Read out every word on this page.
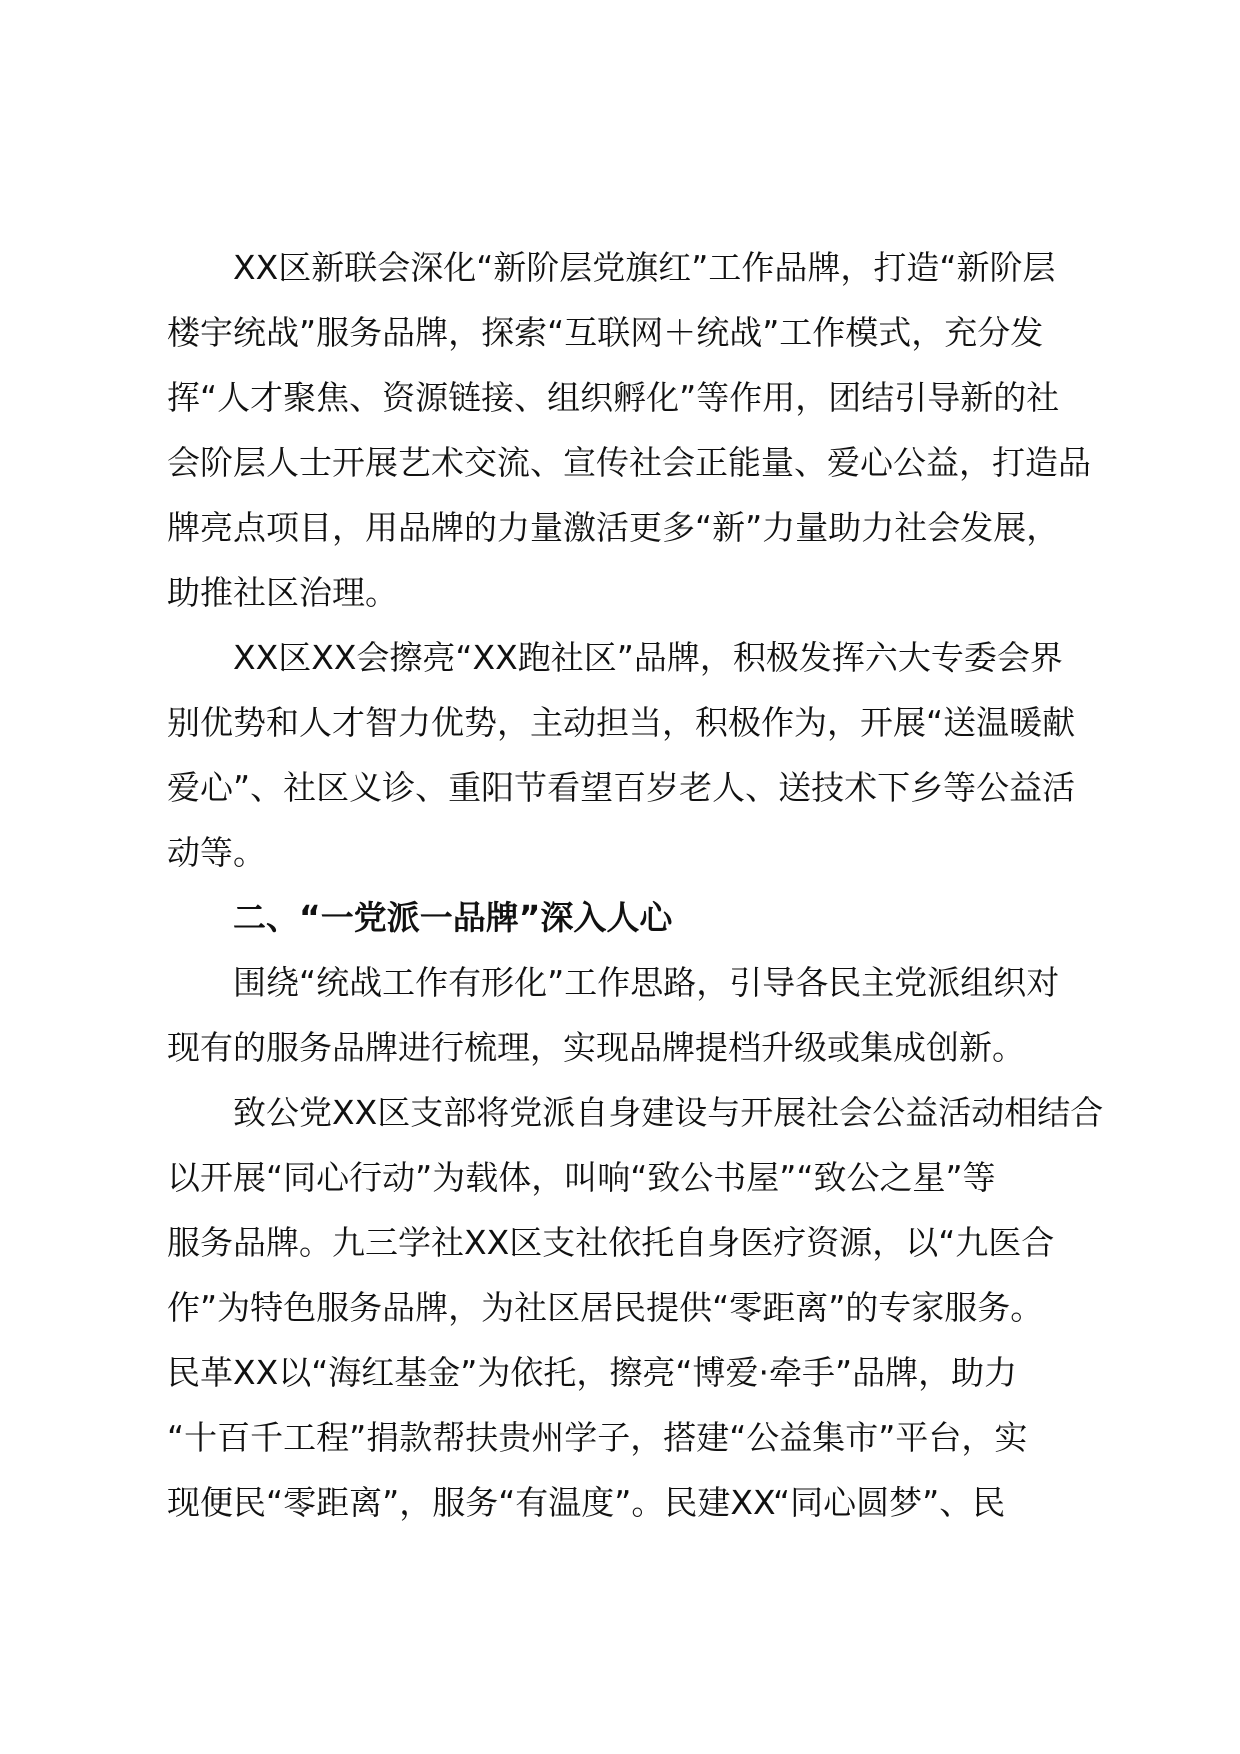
XX区新联会深化“新阶层党旗红”工作品牌，打造“新阶层
楼宇统战”服务品牌，探索“互联网＋统战”工作模式，充分发
挥“人才聚焦、资源链接、组织孵化”等作用，团结引导新的社
会阶层人士开展艺术交流、宣传社会正能量、爱心公益，打造品
牌亮点项目，用品牌的力量激活更多“新”力量助力社会发展，
助推社区治理。
XX区XX会擦亮“XX跑社区”品牌，积极发挥六大专委会界
别优势和人才智力优势，主动担当，积极作为，开展“送温暖献
爱心”、社区义诊、重阳节看望百岁老人、送技术下乡等公益活
动等。
二、“一党派一品牌”深入人心
围绕“统战工作有形化”工作思路，引导各民主党派组织对
现有的服务品牌进行梳理，实现品牌提档升级或集成创新。
致公党XX区支部将党派自身建设与开展社会公益活动相结合
以开展“同心行动”为载体，叫响“致公书屋”“致公之星”等
服务品牌。九三学社XX区支社依托自身医疗资源，以“九医合
作”为特色服务品牌，为社区居民提供“零距离”的专家服务。
民革XX以“海红基金”为依托，擦亮“博爱·牵手”品牌，助力
“十百千工程”捐款帮扶贵州学子，搭建“公益集市”平台，实
现便民“零距离”，服务“有温度”。民建XX“同心圆梦”、民
